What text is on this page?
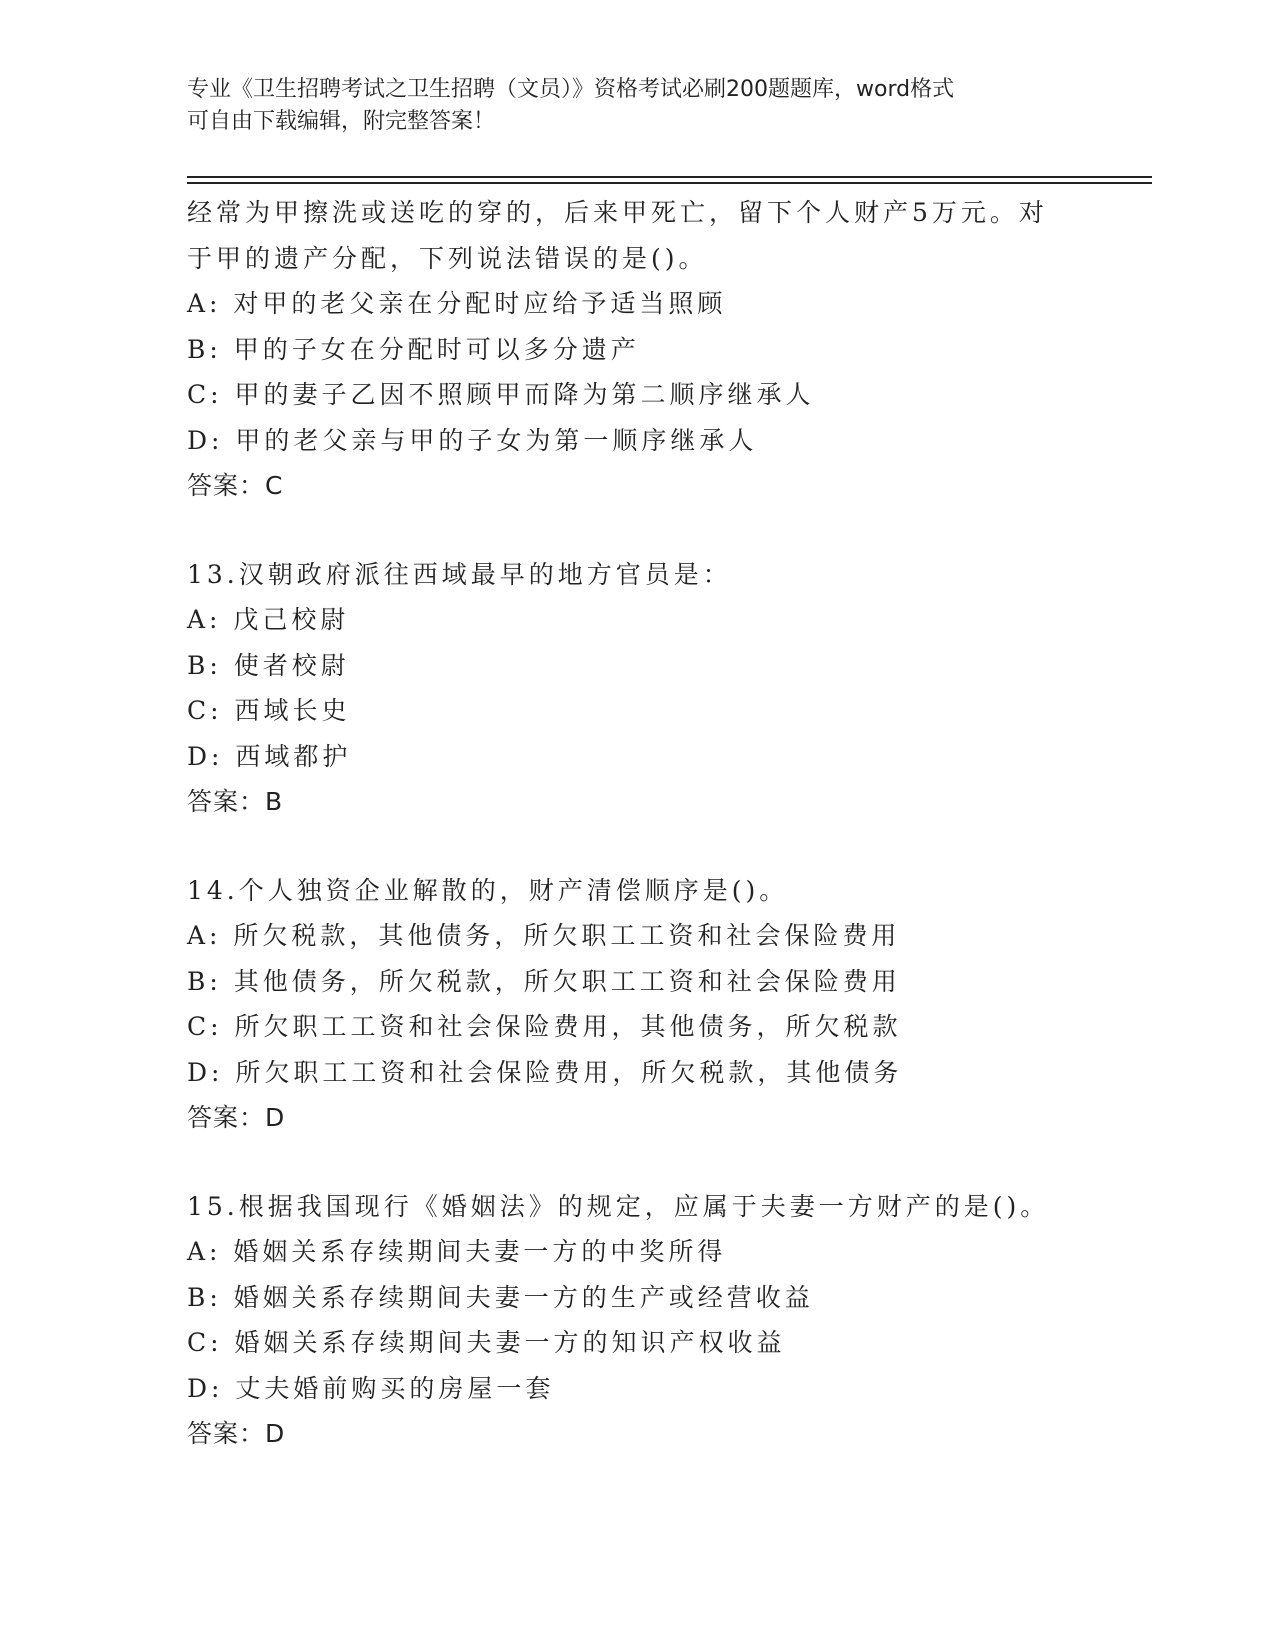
专业《卫生招聘考试之卫生招聘（文员）》资格考试必刷200题题库，word格式
可自由下载编辑，附完整答案！
经常为甲擦洗或送吃的穿的，后来甲死亡，留下个人财产5万元。对
于甲的遗产分配，下列说法错误的是()。
A: 对甲的老父亲在分配时应给予适当照顾
B: 甲的子女在分配时可以多分遗产
C: 甲的妻子乙因不照顾甲而降为第二顺序继承人
D: 甲的老父亲与甲的子女为第一顺序继承人
答案：C
13.汉朝政府派往西域最早的地方官员是：
A: 戊己校尉
B: 使者校尉
C: 西域长史
D: 西域都护
答案：B
14.个人独资企业解散的，财产清偿顺序是()。
A: 所欠税款，其他债务，所欠职工工资和社会保险费用
B: 其他债务，所欠税款，所欠职工工资和社会保险费用
C: 所欠职工工资和社会保险费用，其他债务，所欠税款
D: 所欠职工工资和社会保险费用，所欠税款，其他债务
答案：D
15.根据我国现行《婚姻法》的规定，应属于夫妻一方财产的是()。
A: 婚姻关系存续期间夫妻一方的中奖所得
B: 婚姻关系存续期间夫妻一方的生产或经营收益
C: 婚姻关系存续期间夫妻一方的知识产权收益
D: 丈夫婚前购买的房屋一套
答案：D
